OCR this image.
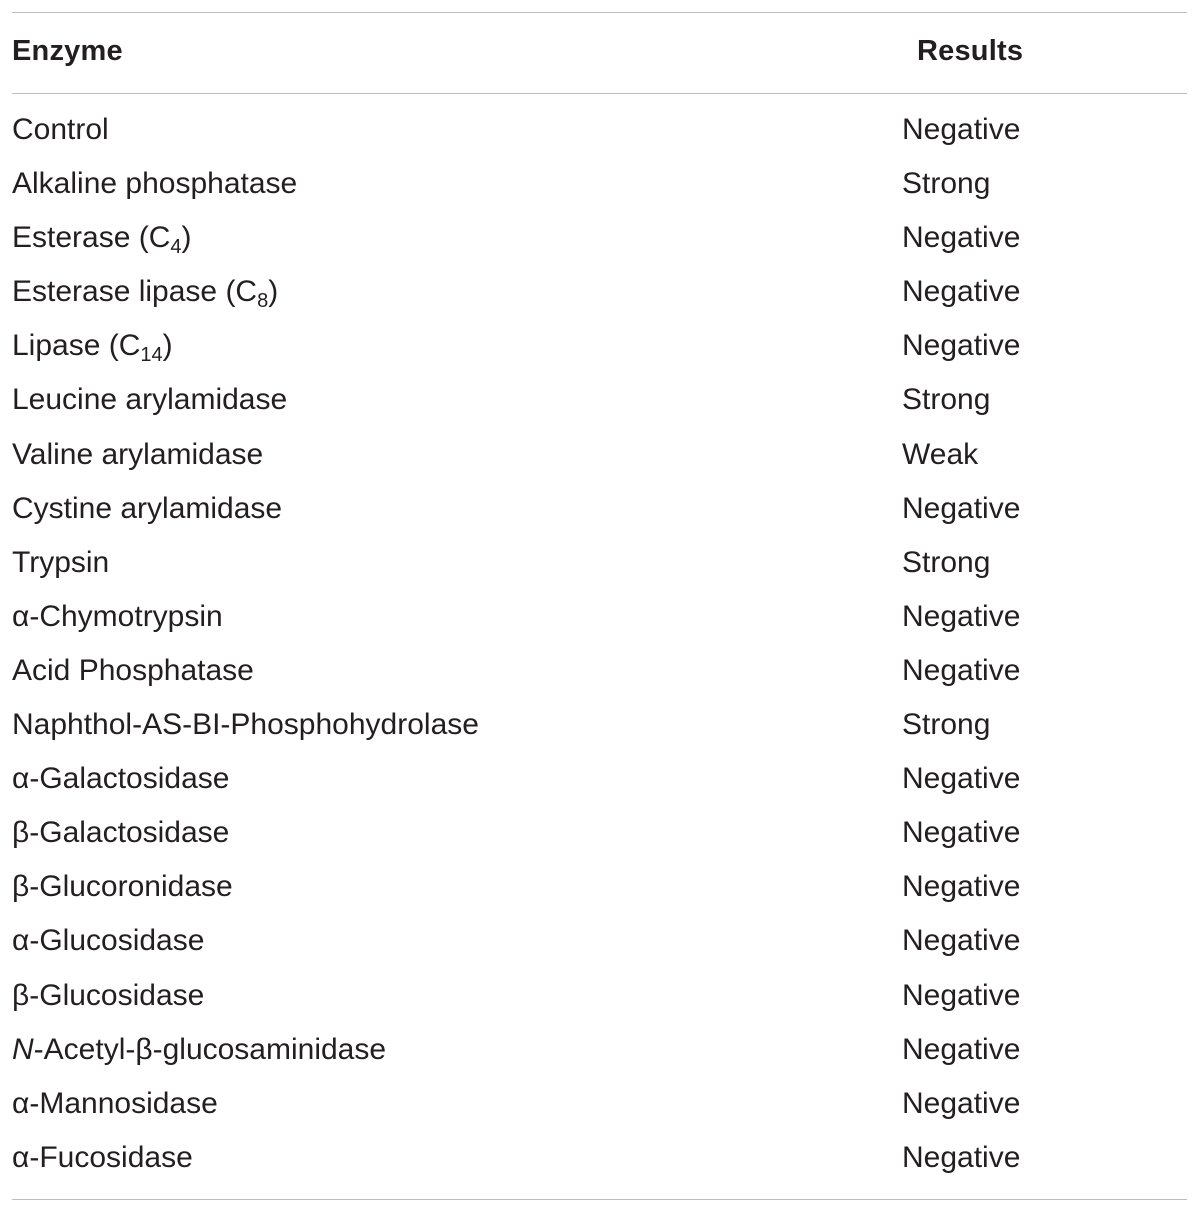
Enzyme	Results
Control	Negative
Alkaline phosphatase	Strong
Esterase $(C_4)$	Negative
Esterase lipase $(C_8)$	Negative
Lipase $(C_{14})$	Negative
Leucine arylamidase	Strong
Valine arylamidase	Weak
Cystine arylamidase	Negative
Trypsin	Strong
α-Chymotrypsin	Negative
Acid Phosphatase	Negative
Naphthol-AS-BI-Phosphohydrolase	Strong
α-Galactosidase	Negative
β-Galactosidase	Negative
β-Glucoronidase	Negative
α-Glucosidase	Negative
β-Glucosidase	Negative
N-Acetyl-β-glucosaminidase	Negative
α-Mannosidase	Negative
α-Fucosidase	Negative
